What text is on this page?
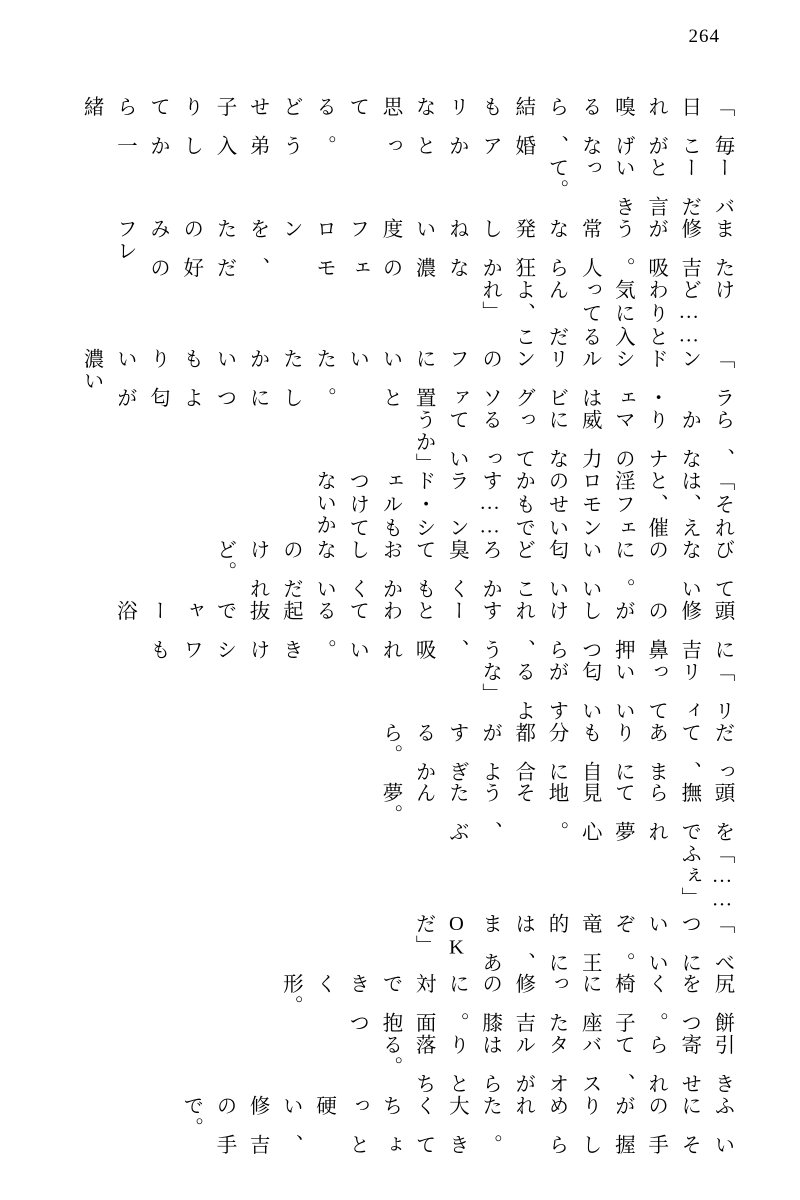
264

ふいにその手が握りしめられた。大きくてちょっと硬い、修吉の手で。

引き寄せられて、バスタオルがはらりと落ちる。

尻餅をつく。椅子に座った修吉の膝に。対面で抱きつく形。

「べつにいいぞ。竜王的には、まあOKだ」

「……ふぇ」

頭を撫でられて夢見心地。そう、たぶん夢。

だって、あまりにも自分に都合がよすぎるから。

「リリィっていい匂いがするよな」

頭に修吉の鼻が押しつけられ、すうー、と吸われている。起き抜けでシャワーも浴

びてないのに。いい匂いどころか臭くてもおかしくないのだけれど。

「それは、えと、催淫フェロモンのせいかもです……ランド・シェルもつけてないか

ら、かなりナマの威力になってるっていうか」

「ランド・シェルはリビングのソファに置いといた。たしかにいつもより匂いが濃い

けど……わりと気に入ってるんだよ、これ」

また修吉が吸う。常人なら発狂しかねない濃度のフェロモンを、ただの好みのフレ

ーバーだと言いきって。

「毎日これが嗅げるなら、結婚もアリかなと思ってる。どうせ弟子入りしてから一緒
